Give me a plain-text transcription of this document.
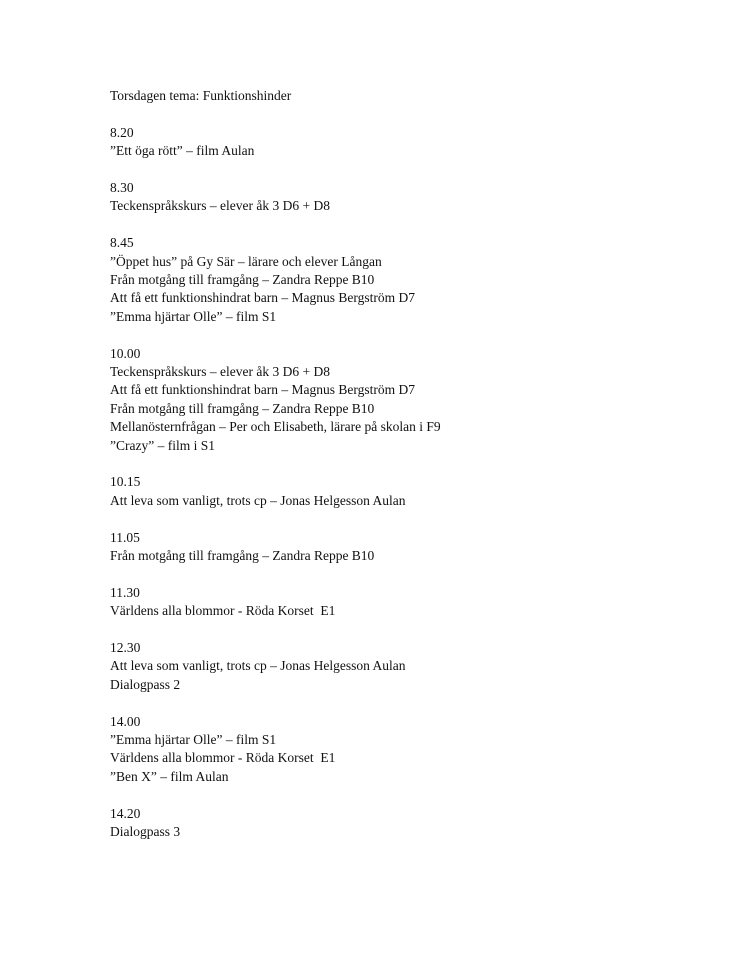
Torsdagen tema: Funktionshinder
8.20
”Ett öga rött” – film Aulan
8.30
Teckenspråkskurs – elever åk 3 D6 + D8
8.45
”Öppet hus” på Gy Sär – lärare och elever Långan
Från motgång till framgång – Zandra Reppe B10
Att få ett funktionshindrat barn – Magnus Bergström D7
”Emma hjärtar Olle” – film S1
10.00
Teckenspråkskurs – elever åk 3 D6 + D8
Att få ett funktionshindrat barn – Magnus Bergström D7
Från motgång till framgång – Zandra Reppe B10
Mellanösternfrågan – Per och Elisabeth, lärare på skolan i F9
”Crazy” – film i S1
10.15
Att leva som vanligt, trots cp – Jonas Helgesson Aulan
11.05
Från motgång till framgång – Zandra Reppe B10
11.30
Världens alla blommor - Röda Korset  E1
12.30
Att leva som vanligt, trots cp – Jonas Helgesson Aulan
Dialogpass 2
14.00
”Emma hjärtar Olle” – film S1
Världens alla blommor - Röda Korset  E1
”Ben X” – film Aulan
14.20
Dialogpass 3
